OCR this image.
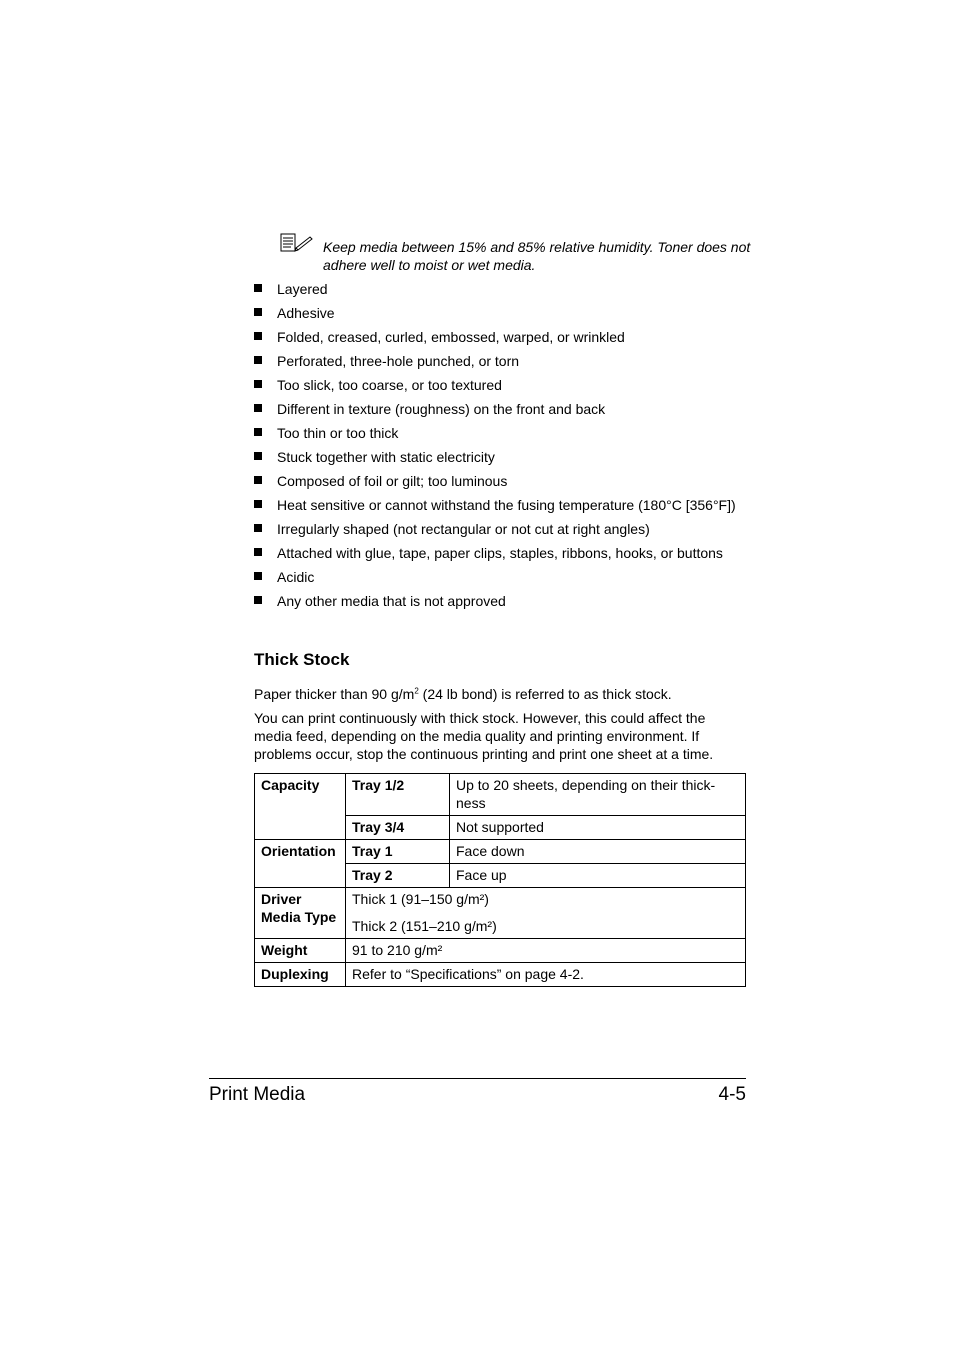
Keep media between 15% and 85% relative humidity. Toner does not adhere well to moist or wet media.
Layered
Adhesive
Folded, creased, curled, embossed, warped, or wrinkled
Perforated, three-hole punched, or torn
Too slick, too coarse, or too textured
Different in texture (roughness) on the front and back
Too thin or too thick
Stuck together with static electricity
Composed of foil or gilt; too luminous
Heat sensitive or cannot withstand the fusing temperature (180°C [356°F])
Irregularly shaped (not rectangular or not cut at right angles)
Attached with glue, tape, paper clips, staples, ribbons, hooks, or buttons
Acidic
Any other media that is not approved
Thick Stock

Paper thicker than 90 $g/m^2$ (24 lb bond) is referred to as thick stock.

You can print continuously with thick stock. However, this could affect the media feed, depending on the media quality and printing environment. If problems occur, stop the continuous printing and print one sheet at a time.

Capacity	Tray 1/2	Up to 20 sheets, depending on their thick-ness
	Tray 3/4	Not supported
Orientation	Tray 1	Face down
	Tray 2	Face up
Driver Media Type	Thick 1 (91–150 g/m²)
Thick 2 (151–210 g/m²)	

Weight	91 to 210 g/m²	
Duplexing	Refer to “Specifications” on page 4-2.	
Print Media	4-5
